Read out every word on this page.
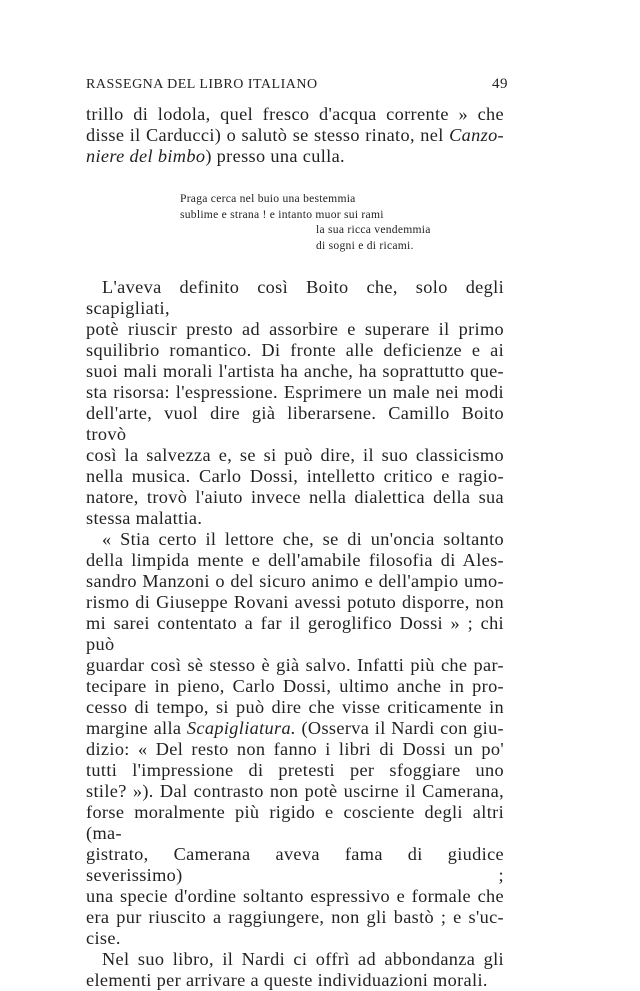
RASSEGNA DEL LIBRO ITALIANO	49

trillo di lodola, quel fresco d'acqua corrente » che

disse il Carducci) o salutò se stesso rinato, nel Canzo-

niere del bimbo) presso una culla.

Praga cerca nel buio una bestemmia
sublime e strana ! e intanto muor sui rami
la sua ricca vendemmia
di sogni e di ricami.

L'aveva definito così Boito che, solo degli scapigliati,

potè riuscir presto ad assorbire e superare il primo

squilibrio romantico. Di fronte alle deficienze e ai

suoi mali morali l'artista ha anche, ha soprattutto que-

sta risorsa: l'espressione. Esprimere un male nei modi

dell'arte, vuol dire già liberarsene. Camillo Boito trovò

così la salvezza e, se si può dire, il suo classicismo

nella musica. Carlo Dossi, intelletto critico e ragio-

natore, trovò l'aiuto invece nella dialettica della sua

stessa malattia.

« Stia certo il lettore che, se di un'oncia soltanto

della limpida mente e dell'amabile filosofia di Ales-

sandro Manzoni o del sicuro animo e dell'ampio umo-

rismo di Giuseppe Rovani avessi potuto disporre, non

mi sarei contentato a far il geroglifico Dossi » ; chi può

guardar così sè stesso è già salvo. Infatti più che par-

tecipare in pieno, Carlo Dossi, ultimo anche in pro-

cesso di tempo, si può dire che visse criticamente in

margine alla Scapigliatura. (Osserva il Nardi con giu-

dizio: « Del resto non fanno i libri di Dossi un po'

tutti l'impressione di pretesti per sfoggiare uno

stile? »). Dal contrasto non potè uscirne il Camerana,

forse moralmente più rigido e cosciente degli altri (ma-

gistrato, Camerana aveva fama di giudice severissimo) ;

una specie d'ordine soltanto espressivo e formale che

era pur riuscito a raggiungere, non gli bastò ; e s'uc-

cise.

Nel suo libro, il Nardi ci offrì ad abbondanza gli

elementi per arrivare a queste individuazioni morali.
